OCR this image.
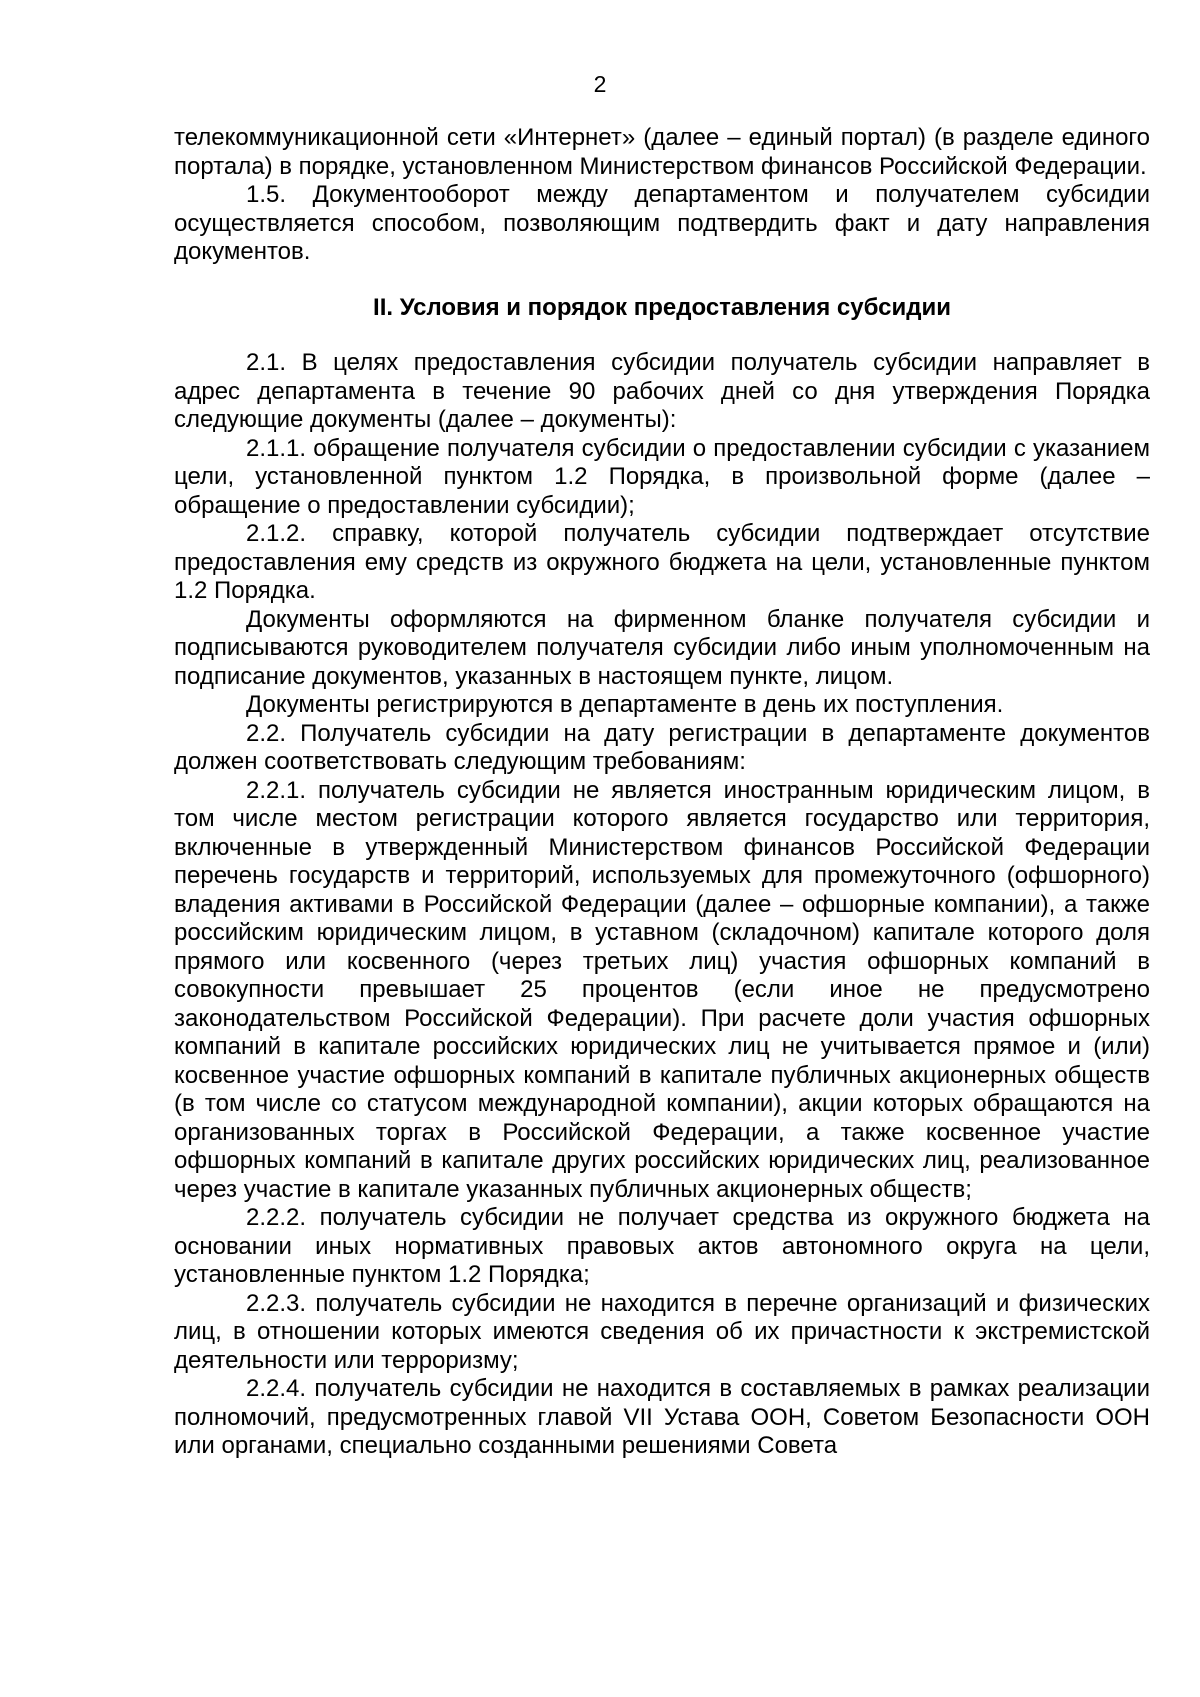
2

телекоммуникационной сети «Интернет» (далее – единый портал) (в разделе единого портала) в порядке, установленном Министерством финансов Российской Федерации.

1.5. Документооборот между департаментом и получателем субсидии осуществляется способом, позволяющим подтвердить факт и дату направления документов.

II. Условия и порядок предоставления субсидии

2.1. В целях предоставления субсидии получатель субсидии направляет в адрес департамента в течение 90 рабочих дней со дня утверждения Порядка следующие документы (далее – документы):

2.1.1. обращение получателя субсидии о предоставлении субсидии с указанием цели, установленной пунктом 1.2 Порядка, в произвольной форме (далее – обращение о предоставлении субсидии);

2.1.2. справку, которой получатель субсидии подтверждает отсутствие предоставления ему средств из окружного бюджета на цели, установленные пунктом 1.2 Порядка.

Документы оформляются на фирменном бланке получателя субсидии и подписываются руководителем получателя субсидии либо иным уполномоченным на подписание документов, указанных в настоящем пункте, лицом.

Документы регистрируются в департаменте в день их поступления.

2.2. Получатель субсидии на дату регистрации в департаменте документов должен соответствовать следующим требованиям:

2.2.1. получатель субсидии не является иностранным юридическим лицом, в том числе местом регистрации которого является государство или территория, включенные в утвержденный Министерством финансов Российской Федерации перечень государств и территорий, используемых для промежуточного (офшорного) владения активами в Российской Федерации (далее – офшорные компании), а также российским юридическим лицом, в уставном (складочном) капитале которого доля прямого или косвенного (через третьих лиц) участия офшорных компаний в совокупности превышает 25 процентов (если иное не предусмотрено законодательством Российской Федерации). При расчете доли участия офшорных компаний в капитале российских юридических лиц не учитывается прямое и (или) косвенное участие офшорных компаний в капитале публичных акционерных обществ (в том числе со статусом международной компании), акции которых обращаются на организованных торгах в Российской Федерации, а также косвенное участие офшорных компаний в капитале других российских юридических лиц, реализованное через участие в капитале указанных публичных акционерных обществ;

2.2.2. получатель субсидии не получает средства из окружного бюджета на основании иных нормативных правовых актов автономного округа на цели, установленные пунктом 1.2 Порядка;

2.2.3. получатель субсидии не находится в перечне организаций и физических лиц, в отношении которых имеются сведения об их причастности к экстремистской деятельности или терроризму;

2.2.4. получатель субсидии не находится в составляемых в рамках реализации полномочий, предусмотренных главой VII Устава ООН, Советом Безопасности ООН или органами, специально созданными решениями Совета
